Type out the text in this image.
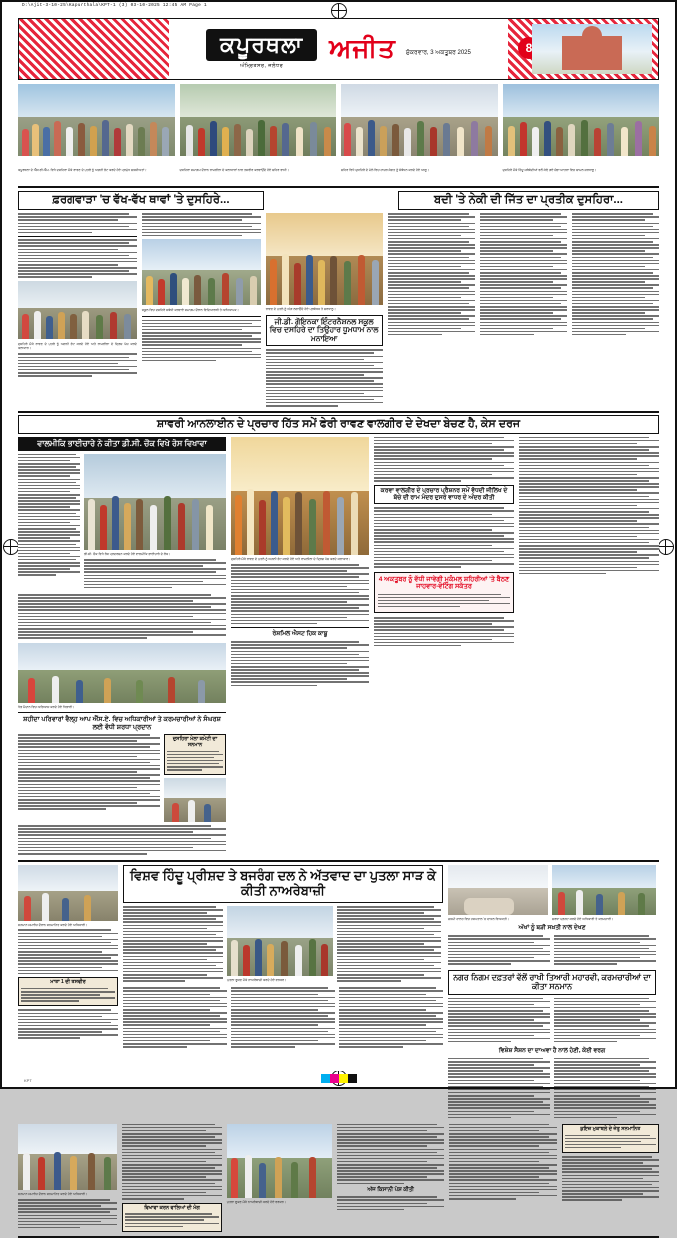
D:\Ajit-3-10-25\Kapurthala\KPT-1 (3) 03-10-2025 12:45 AM Page 1
ਕਪੂਰਥਲਾ
ਅੰਮ੍ਰਿਤਸਰ, ਜਲੰਧਰ
ਅਜੀਤ ਸ਼ੁੱਕਰਵਾਰ, 3 ਅਕਤੂਬਰ 2025	8
ਕਪੂਰਥਲਾ ਦੇ ਐੱਸ.ਡੀ.ਐੱਮ. ਵਿਖੇ ਦਸਹਿਰਾ ਮੌਕੇ ਰਾਵਣ ਦੇ ਪੁਤਲੇ ਨੂੰ ਅਗਨੀ ਭੇਟ ਕਰਦੇ ਹੋਏ ਪ੍ਰਮੁੱਖ ਸ਼ਖ਼ਸੀਅਤਾਂ।	ਦਸਹਿਰਾ ਸਮਾਗਮ ਦੌਰਾਨ ਰਾਮਲੀਲਾ ਦੇ ਕਲਾਕਾਰਾਂ ਨਾਲ ਤਸਵੀਰ ਕਰਵਾਉਂਦੇ ਹੋਏ ਸ਼ਹਿਰ ਵਾਸੀ।	ਸ਼ਹਿਰ ਵਿਖੇ ਦੁਸਹਿਰੇ ਦੇ ਮੇਲੇ ਵਿਚ ਹਾਜ਼ਰ ਸੰਗਤ ਨੂੰ ਸੰਬੋਧਨ ਕਰਦੇ ਹੋਏ ਆਗੂ।	ਦੁਸਹਿਰੇ ਮੌਕੇ ਹਿੰਦੂ ਜਥੇਬੰਦੀਆਂ ਵਲੋਂ ਕੱਢੇ ਗਏ ਸ਼ੋਭਾ ਯਾਤਰਾ ਵਿਚ ਸ਼ਾਮਲ ਸ਼ਰਧਾਲੂ।
ਫ਼ਰਗਵਾੜਾ 'ਚ ਵੱਖ-ਵੱਖ ਥਾਵਾਂ 'ਤੇ ਦੁਸਹਿਰੇ...	ਬਦੀ 'ਤੇ ਨੇਕੀ ਦੀ ਜਿੱਤ ਦਾ ਪ੍ਰਤੀਕ ਦੁਸਹਿਰਾ...
ਦੁਸਹਿਰੇ ਮੌਕੇ ਰਾਵਣ ਦੇ ਪੁਤਲੇ ਨੂੰ ਅਗਨੀ ਭੇਟ ਕਰਦੇ ਹੋਏ ਅਤੇ ਰਾਮਲੀਲਾ ਦੇ ਦ੍ਰਿਸ਼ ਪੇਸ਼ ਕਰਦੇ ਕਲਾਕਾਰ।
ਸਕੂਲ ਵਿਚ ਦਸਹਿਰੇ ਸਬੰਧੀ ਕਰਵਾਏ ਸਮਾਗਮ ਦੌਰਾਨ ਵਿਦਿਆਰਥੀ ਤੇ ਅਧਿਆਪਕ।	ਰਾਵਣ ਦੇ ਪੁਤਲੇ ਨੂੰ ਅੱਗ ਲਗਾਉਂਦੇ ਹੋਏ ਪ੍ਰਬੰਧਕ ਤੇ ਸ਼ਰਧਾਲੂ।
ਜੀ.ਡੀ. ਗੋਇਨਕਾ ਇੰਟਰਨੈਸ਼ਨਲ ਸਕੂਲ ਵਿਚ ਦਸਹਿਰੇ ਦਾ ਤਿਉਹਾਰ ਧੂਮਧਾਮ ਨਾਲ ਮਨਾਇਆ
ਸ਼ਾਵਰੀ ਆਨਲਾਈਨ ਦੇ ਪ੍ਰਚਾਰ ਹਿੱਤ ਸਮੇਂ ਫੇਰੀ ਰਾਵਣ ਵਾਲਗੀਰ ਦੇ ਦੇਖਦਾ ਬੇਚਣ ਹੈ, ਕੇਸ ਦਰਜ
ਵਾਲਮੀਕਿ ਭਾਈਚਾਰੇ ਨੇ ਕੀਤਾ ਡੀ.ਸੀ. ਚੌਕ ਵਿਖੇ ਰੋਸ ਵਿਖਾਵਾ
ਡੀ.ਸੀ. ਚੌਕ ਵਿਖੇ ਰੋਸ ਪ੍ਰਦਰਸ਼ਨ ਕਰਦੇ ਹੋਏ ਵਾਲਮੀਕਿ ਭਾਈਚਾਰੇ ਦੇ ਲੋਕ।
ਖੇਡ ਮੈਦਾਨ ਵਿਚ ਅਭਿਆਸ ਕਰਦੇ ਹੋਏ ਖਿਡਾਰੀ।
ਸ਼ਹੀਦਾ ਪਰਿਵਾਰਾਂ ਵੈਲ੍ਹ ਆਪ ਐੱਸ.ਏ. ਵਿਚ ਅਧਿਕਾਰੀਆਂ ਤੇ ਕਰਮਚਾਰੀਆਂ ਨੇ ਸੰਘਰਸ਼ ਲਈ ਵੱਧੀ ਸ਼ਰਧਾ ਪ੍ਰਦਾਨ
ਦੁਸਹਿਰਾ ਮੇਲਾ ਕਮੇਟੀ ਦਾ ਸਨਮਾਨ
ਦੁਸਹਿਰੇ ਮੌਕੇ ਰਾਵਣ ਦੇ ਪੁਤਲੇ ਨੂੰ ਅਗਨੀ ਭੇਟ ਕਰਦੇ ਹੋਏ ਅਤੇ ਰਾਮਲੀਲਾ ਦੇ ਦ੍ਰਿਸ਼ ਪੇਸ਼ ਕਰਦੇ ਕਲਾਕਾਰ।
ਰੇਸ਼ਮਿਲ ਐਸਟ ਹਿਕ ਕਾਬੂ
ਕਰਵਾ ਵਾਲਗੀਰ ਦੇ ਪ੍ਰਚਾਰ ਪ੍ਰੈਸ਼ਨਰ ਸਮੇਂ ਵੱਧਦੀ ਜੀਲਿਖ ਦੇ ਬੱਚੇ ਦੀ ਰਾਮ ਮੰਦਰ ਦੁਸਰੇ ਵਾਧਰ ਦੇ ਅੰਦਰ ਕੀਤੀ
4 ਅਕਤੂਬਰ ਨੂੰ ਵੱਧੀ ਜਾਵੇਗੀ ਮੁਕੰਮਲ ਸ਼ਹਿਰੀਆਂ 'ਤੇ ਬੈਠਣ ਜਾਹਵਾਰ-ਵੋਟਿੰਗ ਸਕੱਤਰ
ਸਨਮਾਨ ਸਮਾਰੋਹ ਦੌਰਾਨ ਸਨਮਾਨਿਤ ਕਰਦੇ ਹੋਏ ਅਧਿਕਾਰੀ।
ਮਾਤਾ 1 ਦੀ ਤਸਵੀਰ
ਵਿਸ਼ਵ ਹਿੰਦੂ ਪ੍ਰੀਸ਼ਦ ਤੇ ਬਜਰੰਗ ਦਲ ਨੇ ਅੱਤਵਾਦ ਦਾ ਪੁਤਲਾ ਸਾੜ ਕੇ ਕੀਤੀ ਨਾਅਰੇਬਾਜ਼ੀ
ਪੁਤਲਾ ਫੂਕਣ ਮੌਕੇ ਨਾਅਰੇਬਾਜ਼ੀ ਕਰਦੇ ਹੋਏ ਵਰਕਰ।
ਜ਼ਖ਼ਮੀ ਹਾਲਤ ਵਿਚ ਹਸਪਤਾਲ 'ਚ ਦਾਖ਼ਲ ਵਿਅਕਤੀ।	ਸ਼ਰਧਾ ਪ੍ਰਗਟ ਕਰਦੇ ਹੋਏ ਅਧਿਕਾਰੀ ਤੇ ਕਰਮਚਾਰੀ।
ਅੱਖਾਂ ਨੂੰ ਬੜੀ ਸਖ਼ਤੀ ਨਾਲ ਦੇਖਣ
ਨਗਰ ਨਿਗਮ ਦਫ਼ਤਰਾਂ ਵੱਲੋਂ ਰਾਖੀ ਤਿਆਰੀ ਮਹਾਰਵੀ, ਕਰਮਚਾਰੀਆਂ ਦਾ ਕੀਤਾ ਸਨਮਾਨ
ਵਿਸ਼ੇਸ਼ ਸੈਸ਼ਨ ਦਾ ਦਾਅਵਾ ਹੈ ਨਾਲ ਹੋਣੀ, ਕੋਈ ਵਰਗ
ਸਨਮਾਨ ਸਮਾਰੋਹ ਦੌਰਾਨ ਸਨਮਾਨਿਤ ਕਰਦੇ ਹੋਏ ਅਧਿਕਾਰੀ।
ਵਿਖਾਵਾ ਕਰਨ ਵਾਲਿਆਂ ਦੀ ਮੰਗ
ਪੁਤਲਾ ਫੂਕਣ ਮੌਕੇ ਨਾਅਰੇਬਾਜ਼ੀ ਕਰਦੇ ਹੋਏ ਵਰਕਰ।
ਅੱਜ ਕਿਸਾਨੀ ਪੇਸ਼ ਕੀਤੀ
ਕੁਇਜ਼ ਮੁਕਾਬਲੇ ਦੇ ਜੇਤੂ ਸਨਮਾਨਿਤ
KPT
